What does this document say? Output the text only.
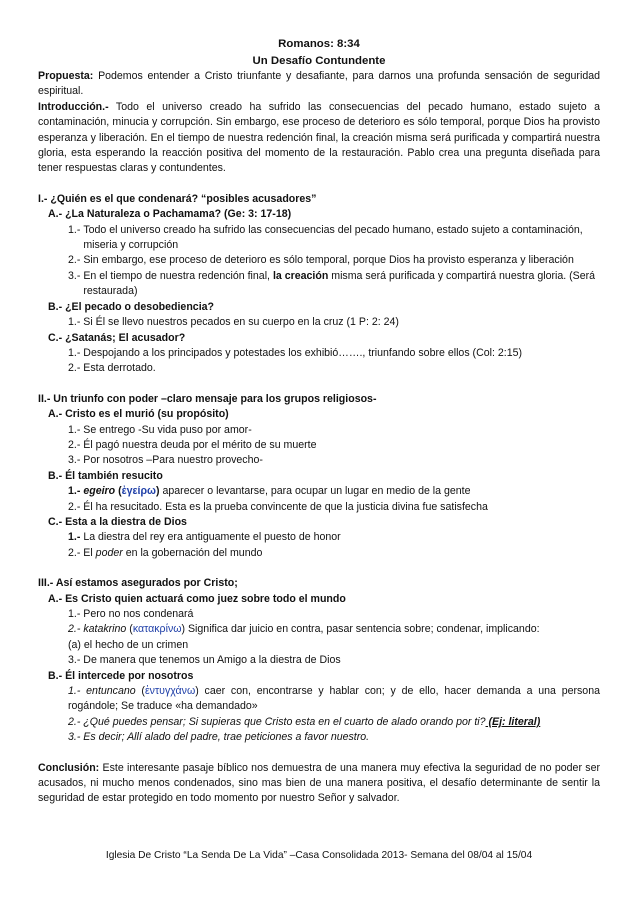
Romanos: 8:34
Un Desafío Contundente

Propuesta: Podemos entender a Cristo triunfante y desafiante, para darnos una profunda sensación de seguridad espiritual.

Introducción.- Todo el universo creado ha sufrido las consecuencias del pecado humano, estado sujeto a contaminación, minucia y corrupción. Sin embargo, ese proceso de deterioro es sólo temporal, porque Dios ha provisto esperanza y liberación. En el tiempo de nuestra redención final, la creación misma será purificada y compartirá nuestra gloria, esta esperando la reacción positiva del momento de la restauración. Pablo crea una pregunta diseñada para tener respuestas claras y contundentes.

I.- ¿Quién es el que condenará? “posibles acusadores”
A.- ¿La Naturaleza o Pachamama? (Ge: 3: 17-18)
1.- Todo el universo creado ha sufrido las consecuencias del pecado humano, estado sujeto a contaminación, miseria y corrupción
2.- Sin embargo, ese proceso de deterioro es sólo temporal, porque Dios ha provisto esperanza y liberación
3.- En el tiempo de nuestra redención final, la creación misma será purificada y compartirá nuestra gloria. (Será restaurada)
B.- ¿El pecado o desobediencia?
1.- Si Él se llevo nuestros pecados en su cuerpo en la cruz (1 P: 2: 24)
C.- ¿Satanás; El acusador?
1.- Despojando a los principados y potestades los exhibió……., triunfando sobre ellos (Col: 2:15)
2.- Esta derrotado.
II.- Un triunfo con poder –claro mensaje para los grupos religiosos-
A.- Cristo es el murió (su propósito)
1.- Se entrego -Su vida puso por amor-
2.- Él pagó nuestra deuda por el mérito de su muerte
3.- Por nosotros –Para nuestro provecho-
B.- Él también resucito
1.- egeiro (ἐγείρω) aparecer o levantarse, para ocupar un lugar en medio de la gente
2.- Él ha resucitado. Esta es la prueba convincente de que la justicia divina fue satisfecha
C.- Esta a la diestra de Dios
1.- La diestra del rey era antiguamente el puesto de honor
2.- El poder en la gobernación del mundo
III.- Así estamos asegurados por Cristo;
A.- Es Cristo quien actuará como juez sobre todo el mundo
1.- Pero no nos condenará
2.- katakrino (κατακρίνω) Significa dar juicio en contra, pasar sentencia sobre; condenar, implicando:
(a) el hecho de un crimen
3.- De manera que tenemos un Amigo a la diestra de Dios
B.- Él intercede por nosotros

1.- entuncano (ἐντυγχάνω) caer con, encontrarse y hablar con; y de ello, hacer demanda a una persona rogándole; Se traduce «ha demandado»

2.- ¿Qué puedes pensar; Si supieras que Cristo esta en el cuarto de alado orando por ti? (Ej: literal)
3.- Es decir; Allí alado del padre, trae peticiones a favor nuestro.

Conclusión: Este interesante pasaje bíblico nos demuestra de una manera muy efectiva la seguridad de no poder ser acusados, ni mucho menos condenados, sino mas bien de una manera positiva, el desafío determinante de sentir la seguridad de estar protegido en todo momento por nuestro Señor y salvador.

Iglesia De Cristo “La Senda De La Vida” –Casa Consolidada 2013- Semana del 08/04 al 15/04
